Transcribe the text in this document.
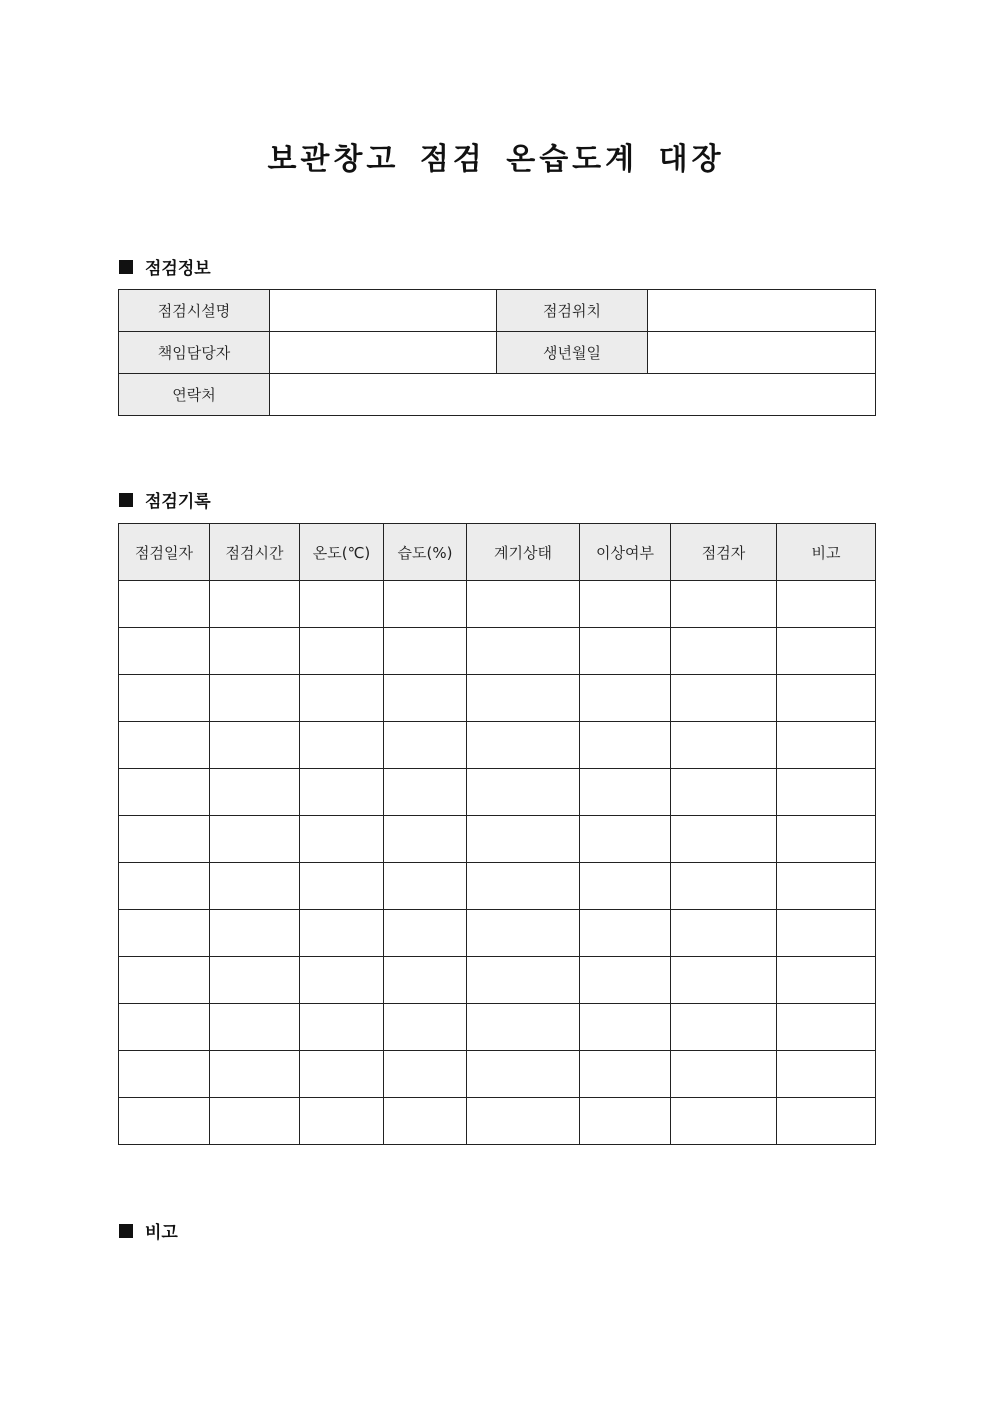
보관창고 점검 온습도계 대장
점검정보
점검시설명		점검위치	
책임담당자		생년월일	
연락처			
점검기록
점검일자	점검시간	온도(℃)	습도(%)	계기상태	이상여부	점검자	비고

비고
